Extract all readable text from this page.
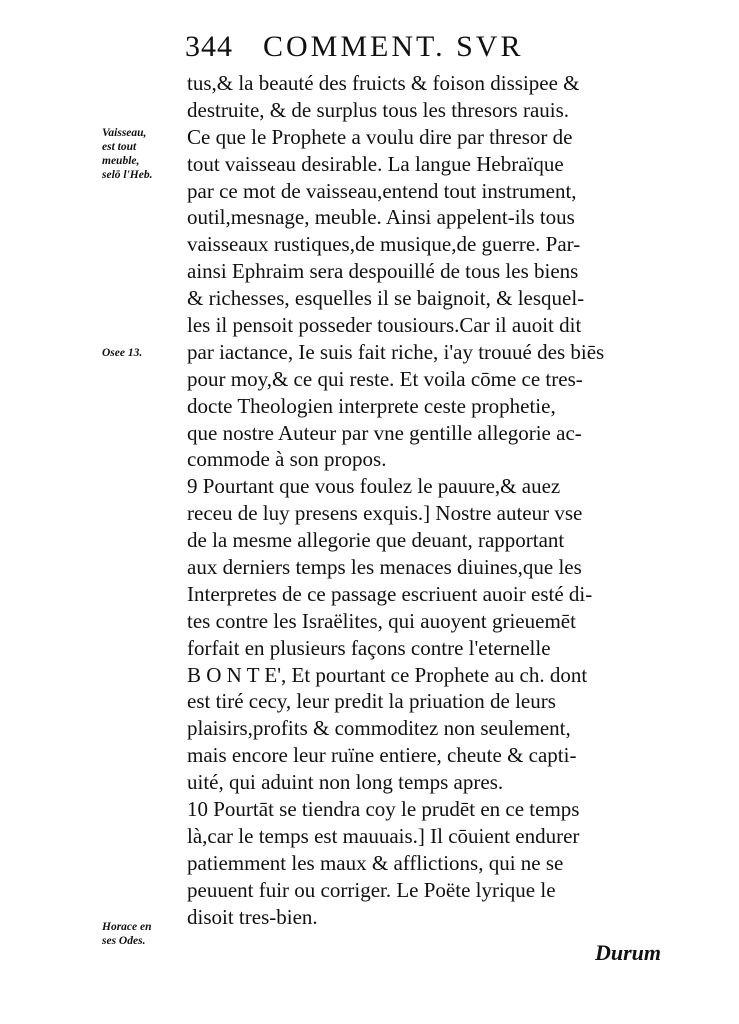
344 COMMENT. SVR
Vaisseau,
est tout
meuble,
selō l'Heb.
Osee 13.
Horace en
ses Odes.
tus,& la beauté des fruicts & foison dissipee &
destruite, & de surplus tous les thresors rauis.
Ce que le Prophete a voulu dire par thresor de
tout vaisseau desirable. La langue Hebraïque
par ce mot de vaisseau,entend tout instrument,
outil,mesnage, meuble. Ainsi appelent-ils tous
vaisseaux rustiques,de musique,de guerre. Par-
ainsi Ephraim sera despouillé de tous les biens
& richesses, esquelles il se baignoit, & lesquel-
les il pensoit posseder tousiours.Car il auoit dit
par iactance, Ie suis fait riche, i'ay trouué des biēs
pour moy,& ce qui reste. Et voila cōme ce tres-
docte Theologien interprete ceste prophetie,
que nostre Auteur par vne gentille allegorie ac-
commode à son propos.
9 Pourtant que vous foulez le pauure,& auez
receu de luy presens exquis.] Nostre auteur vse
de la mesme allegorie que deuant, rapportant
aux derniers temps les menaces diuines,que les
Interpretes de ce passage escriuent auoir esté di-
tes contre les Israëlites, qui auoyent grieuemēt
forfait en plusieurs façons contre l'eternelle
B O N T E', Et pourtant ce Prophete au ch. dont
est tiré cecy, leur predit la priuation de leurs
plaisirs,profits & commoditez non seulement,
mais encore leur ruïne entiere, cheute & capti-
uité, qui aduint non long temps apres.
10 Pourtāt se tiendra coy le prudēt en ce temps
là,car le temps est mauuais.] Il cōuient endurer
patiemment les maux & afflictions, qui ne se
peuuent fuir ou corriger. Le Poëte lyrique le
disoit tres-bien.
Durum
